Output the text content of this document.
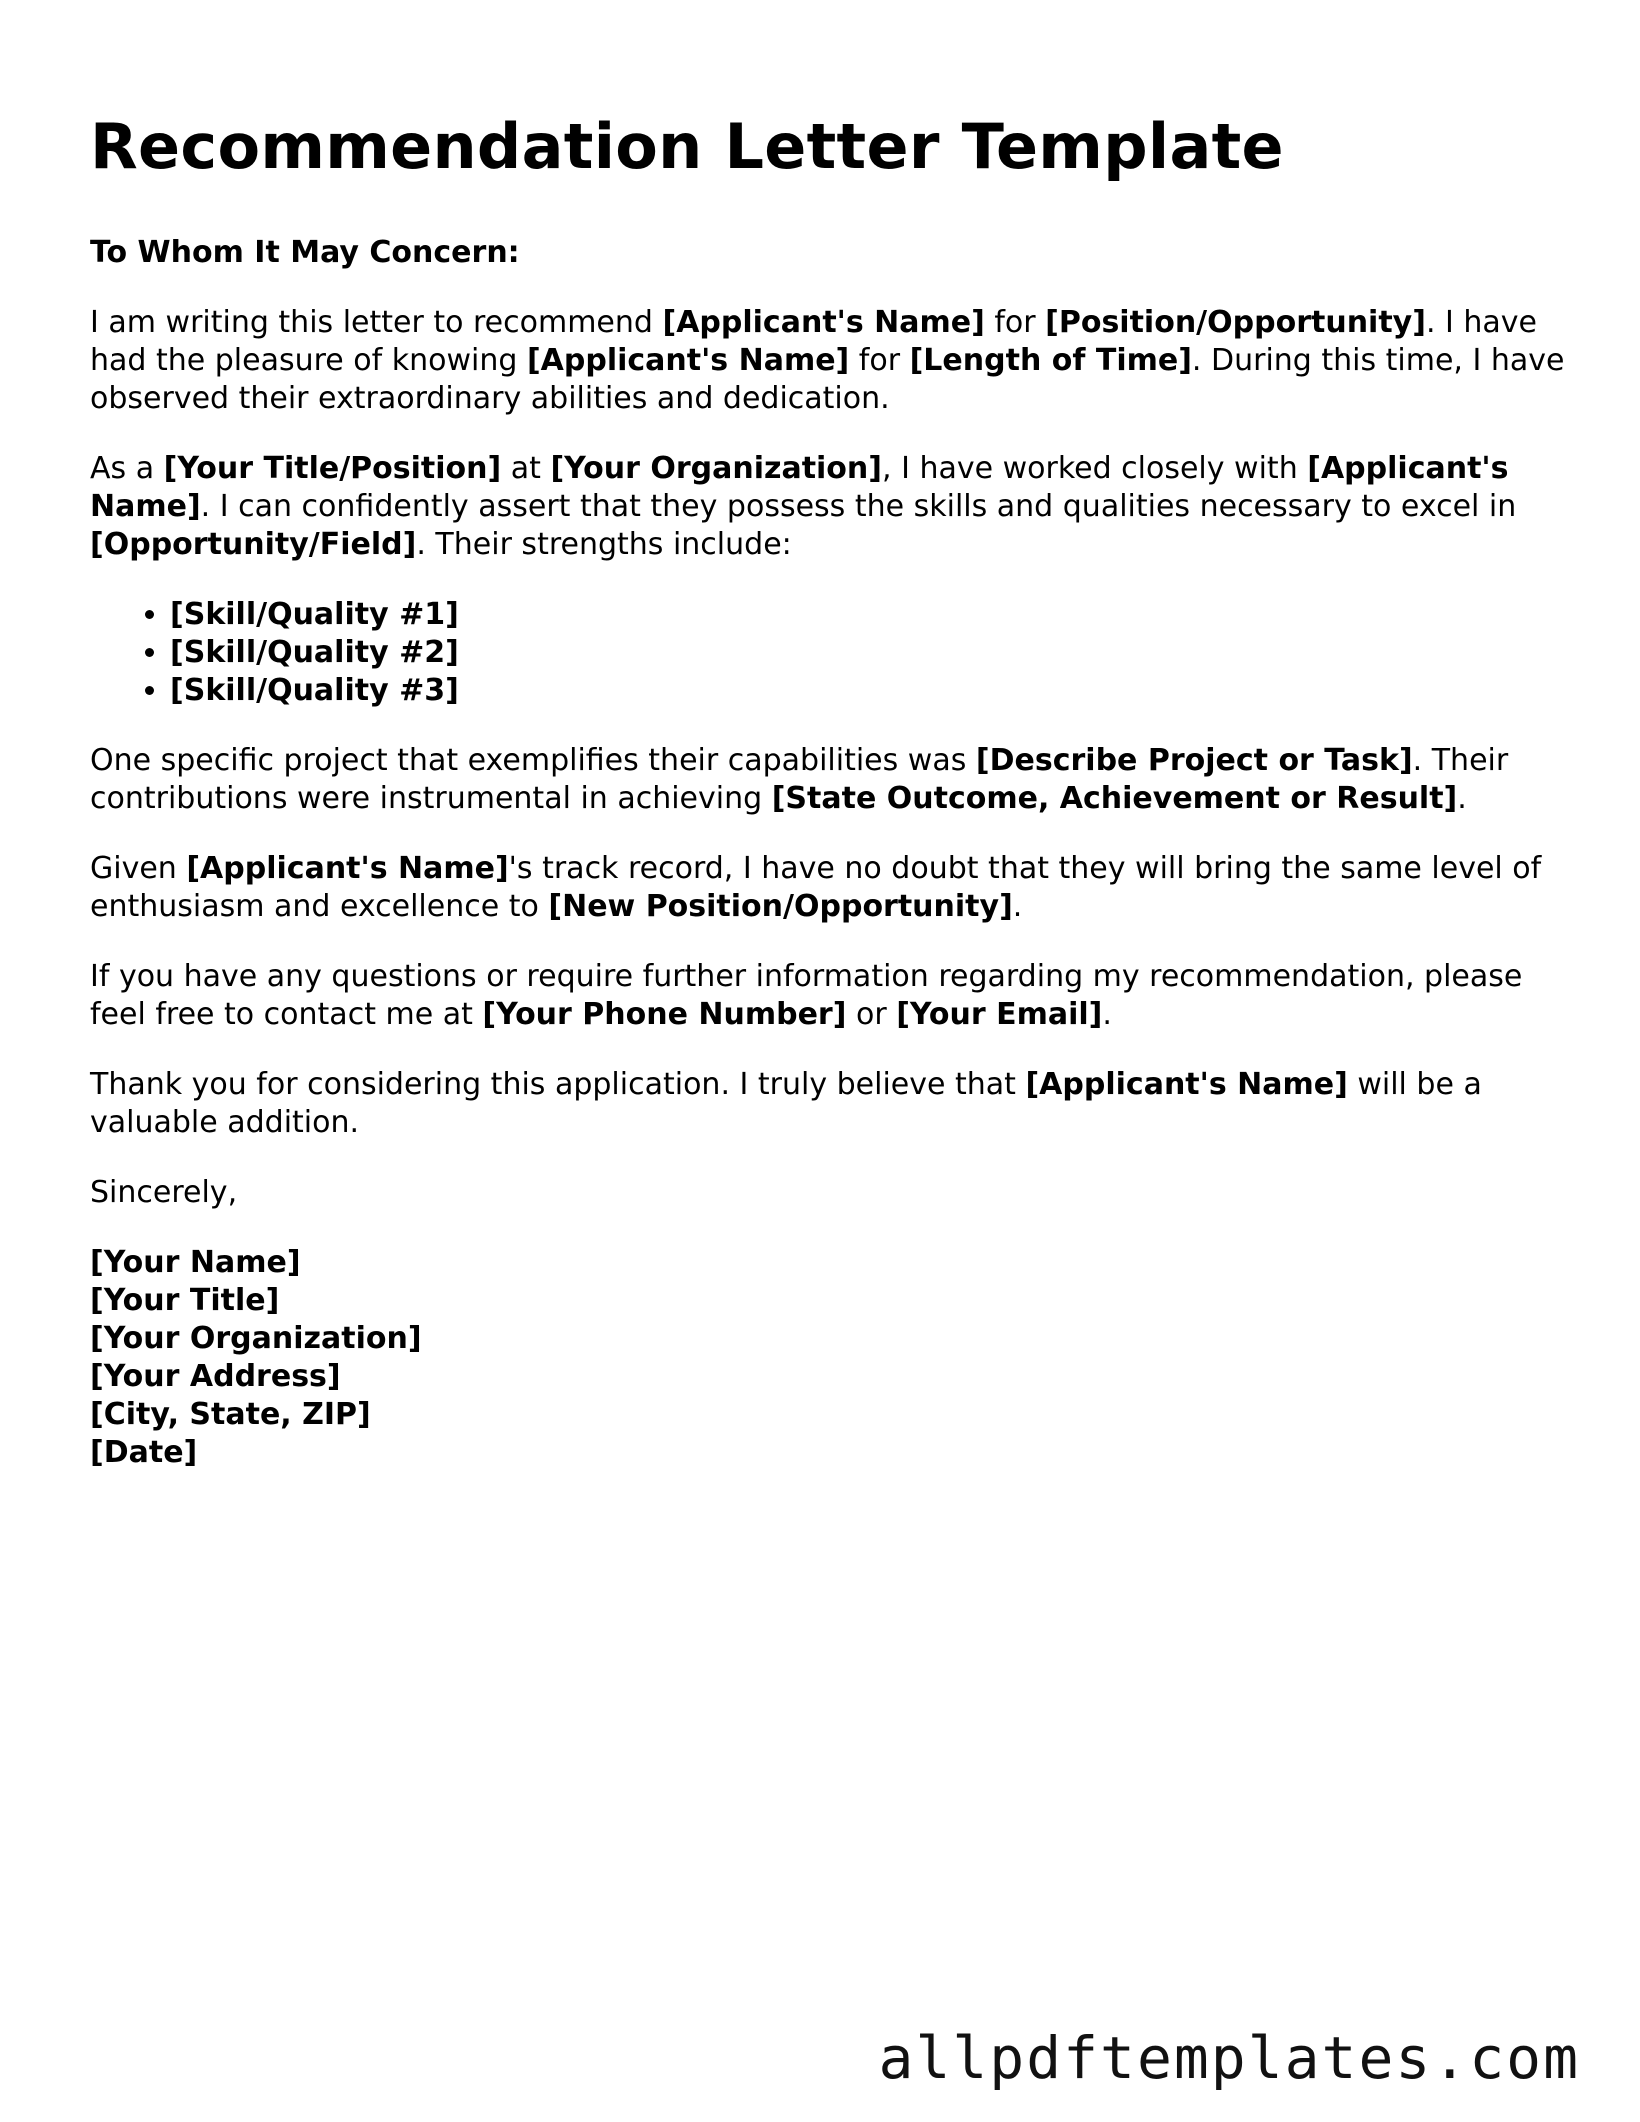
Recommendation Letter Template
To Whom It May Concern:

I am writing this letter to recommend [Applicant's Name] for [Position/Opportunity]. I have had the pleasure of knowing [Applicant's Name] for [Length of Time]. During this time, I have observed their extraordinary abilities and dedication.

As a [Your Title/Position] at [Your Organization], I have worked closely with [Applicant's Name]. I can confidently assert that they possess the skills and qualities necessary to excel in [Opportunity/Field]. Their strengths include:

• [Skill/Quality #1]
• [Skill/Quality #2]
• [Skill/Quality #3]

One specific project that exemplifies their capabilities was [Describe Project or Task]. Their contributions were instrumental in achieving [State Outcome, Achievement or Result].

Given [Applicant's Name]'s track record, I have no doubt that they will bring the same level of enthusiasm and excellence to [New Position/Opportunity].

If you have any questions or require further information regarding my recommendation, please feel free to contact me at [Your Phone Number] or [Your Email].

Thank you for considering this application. I truly believe that [Applicant's Name] will be a valuable addition.

Sincerely,
[Your Name]
[Your Title]
[Your Organization]
[Your Address]
[City, State, ZIP]
[Date]
allpdftemplates.com
